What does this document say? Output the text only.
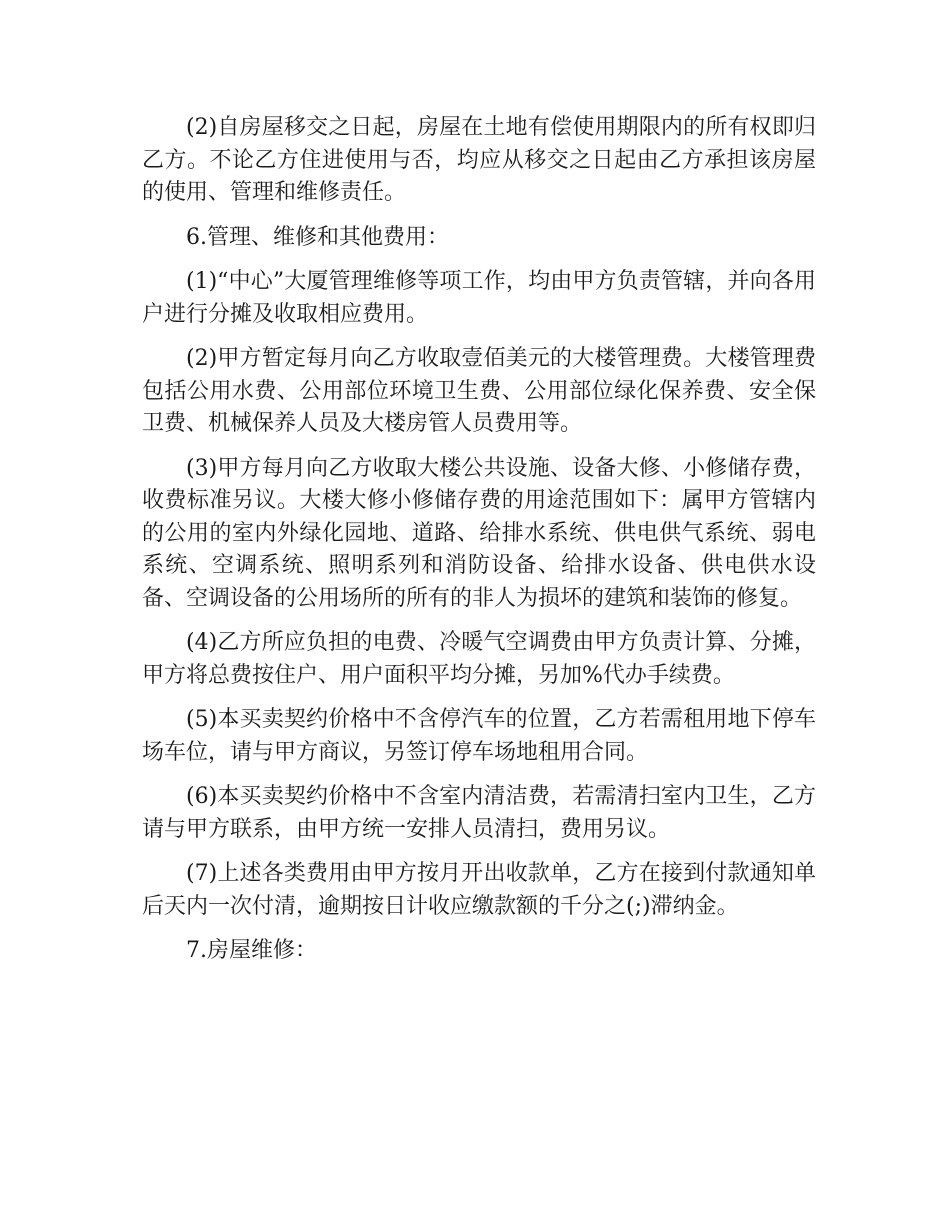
(2)自房屋移交之日起，房屋在土地有偿使用期限内的所有权即归乙方。不论乙方住进使用与否，均应从移交之日起由乙方承担该房屋的使用、管理和维修责任。

6.管理、维修和其他费用：

(1)“中心”大厦管理维修等项工作，均由甲方负责管辖，并向各用户进行分摊及收取相应费用。

(2)甲方暂定每月向乙方收取壹佰美元的大楼管理费。大楼管理费包括公用水费、公用部位环境卫生费、公用部位绿化保养费、安全保卫费、机械保养人员及大楼房管人员费用等。

(3)甲方每月向乙方收取大楼公共设施、设备大修、小修储存费，收费标准另议。大楼大修小修储存费的用途范围如下：属甲方管辖内的公用的室内外绿化园地、道路、给排水系统、供电供气系统、弱电系统、空调系统、照明系列和消防设备、给排水设备、供电供水设备、空调设备的公用场所的所有的非人为损坏的建筑和装饰的修复。

(4)乙方所应负担的电费、冷暖气空调费由甲方负责计算、分摊，甲方将总费按住户、用户面积平均分摊，另加%代办手续费。

(5)本买卖契约价格中不含停汽车的位置，乙方若需租用地下停车场车位，请与甲方商议，另签订停车场地租用合同。

(6)本买卖契约价格中不含室内清洁费，若需清扫室内卫生，乙方请与甲方联系，由甲方统一安排人员清扫，费用另议。

(7)上述各类费用由甲方按月开出收款单，乙方在接到付款通知单后天内一次付清，逾期按日计收应缴款额的千分之(;)滞纳金。

7.房屋维修：
